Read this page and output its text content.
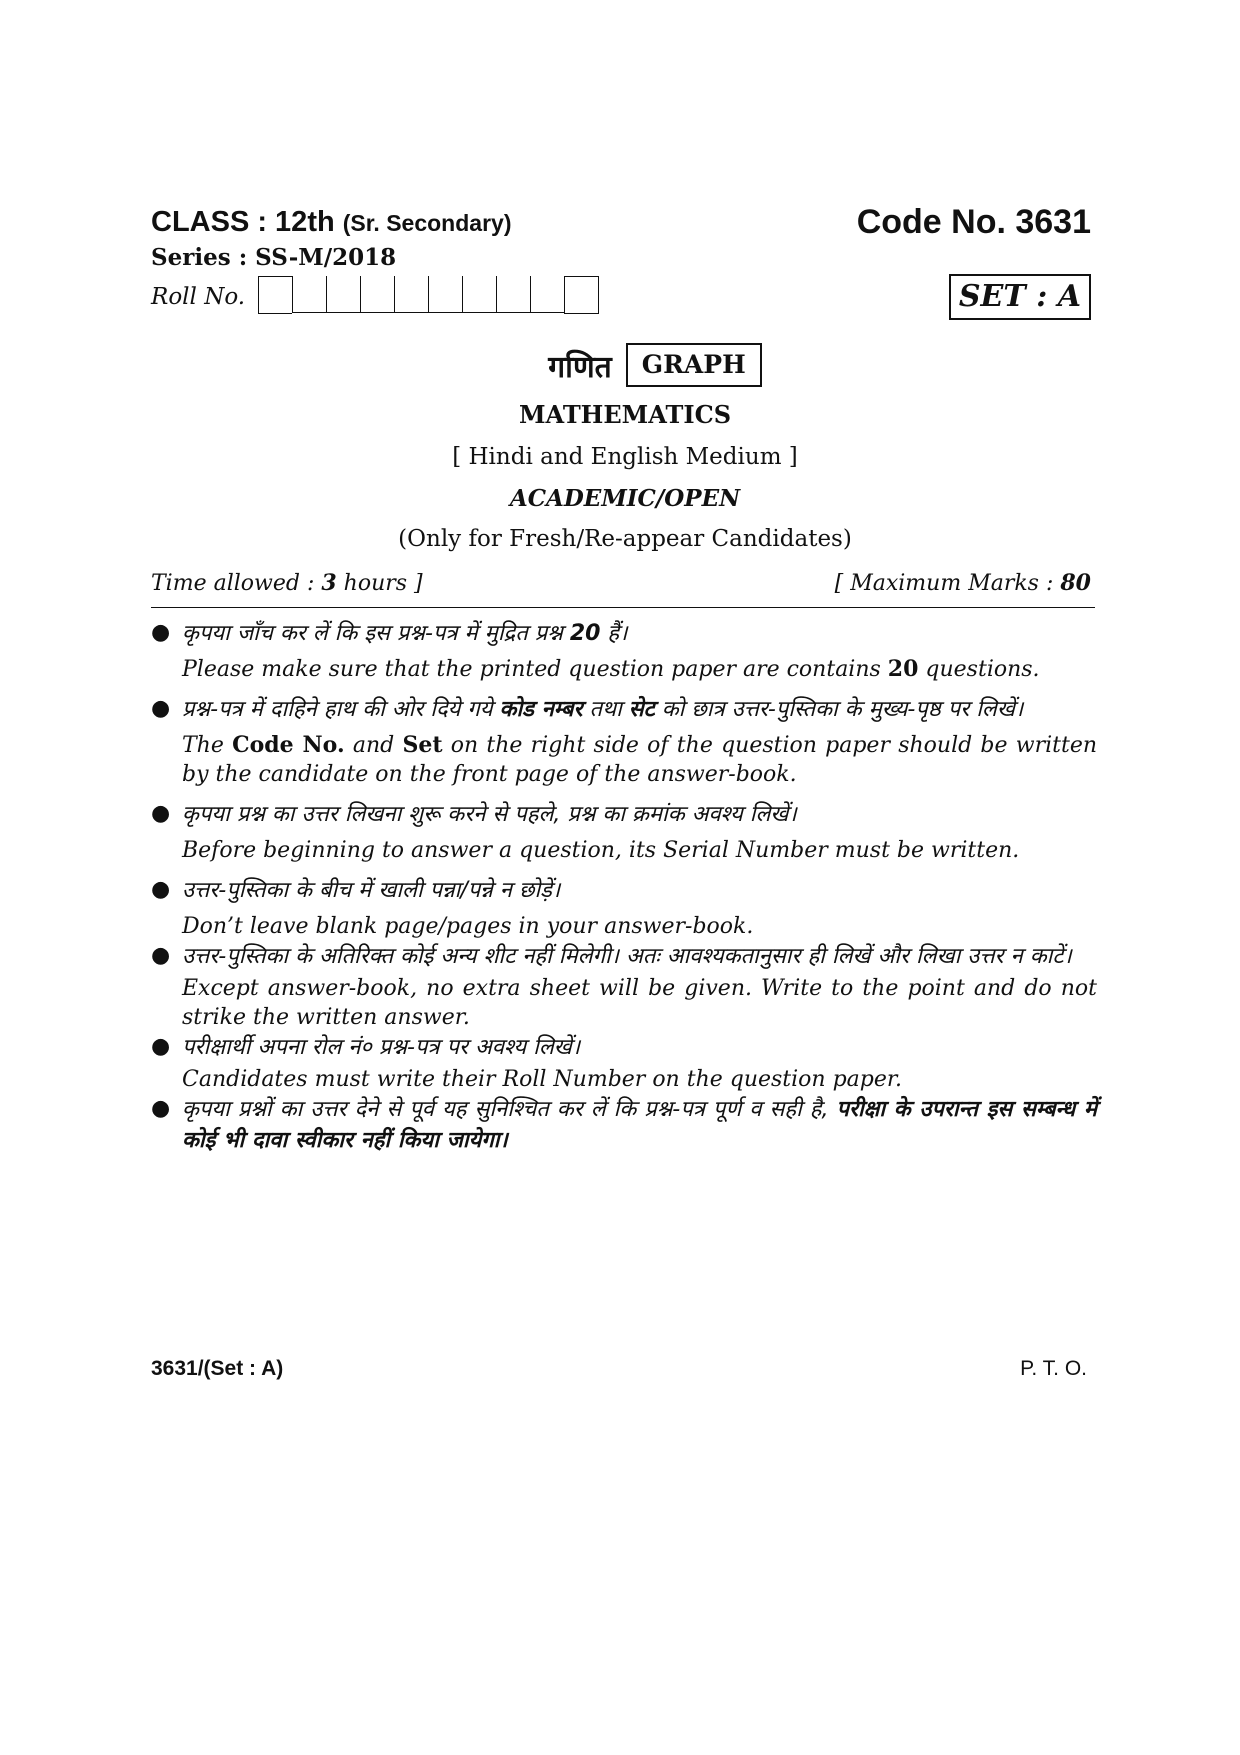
CLASS : 12th (Sr. Secondary)	Code No. 3631
Series : SS-M/2018
Roll No.	SET : A
गणित	GRAPH
MATHEMATICS
[ Hindi and English Medium ]
ACADEMIC/OPEN
(Only for Fresh/Re-appear Candidates)
Time allowed : 3 hours ]	[ Maximum Marks : 80
● कृपया जाँच कर लें कि इस प्रश्न-पत्र में मुद्रित प्रश्न 20 हैं।
Please make sure that the printed question paper are contains 20 questions.
● प्रश्न-पत्र में दाहिने हाथ की ओर दिये गये कोड नम्बर तथा सेट को छात्र उत्तर-पुस्तिका के मुख्य-पृष्ठ पर लिखें।
The Code No. and Set on the right side of the question paper should be written by the candidate on the front page of the answer-book.
● कृपया प्रश्न का उत्तर लिखना शुरू करने से पहले, प्रश्न का क्रमांक अवश्य लिखें।
Before beginning to answer a question, its Serial Number must be written.
● उत्तर-पुस्तिका के बीच में खाली पन्ना/पन्ने न छोड़ें।
Don’t leave blank page/pages in your answer-book.
● उत्तर-पुस्तिका के अतिरिक्त कोई अन्य शीट नहीं मिलेगी। अतः आवश्यकतानुसार ही लिखें और लिखा उत्तर न काटें।
Except answer-book, no extra sheet will be given. Write to the point and do not strike the written answer.
● परीक्षार्थी अपना रोल नं० प्रश्न-पत्र पर अवश्य लिखें।
Candidates must write their Roll Number on the question paper.
● कृपया प्रश्नों का उत्तर देने से पूर्व यह सुनिश्चित कर लें कि प्रश्न-पत्र पूर्ण व सही है, परीक्षा के उपरान्त इस सम्बन्ध में कोई भी दावा स्वीकार नहीं किया जायेगा।
3631/(Set : A)	P. T. O.
